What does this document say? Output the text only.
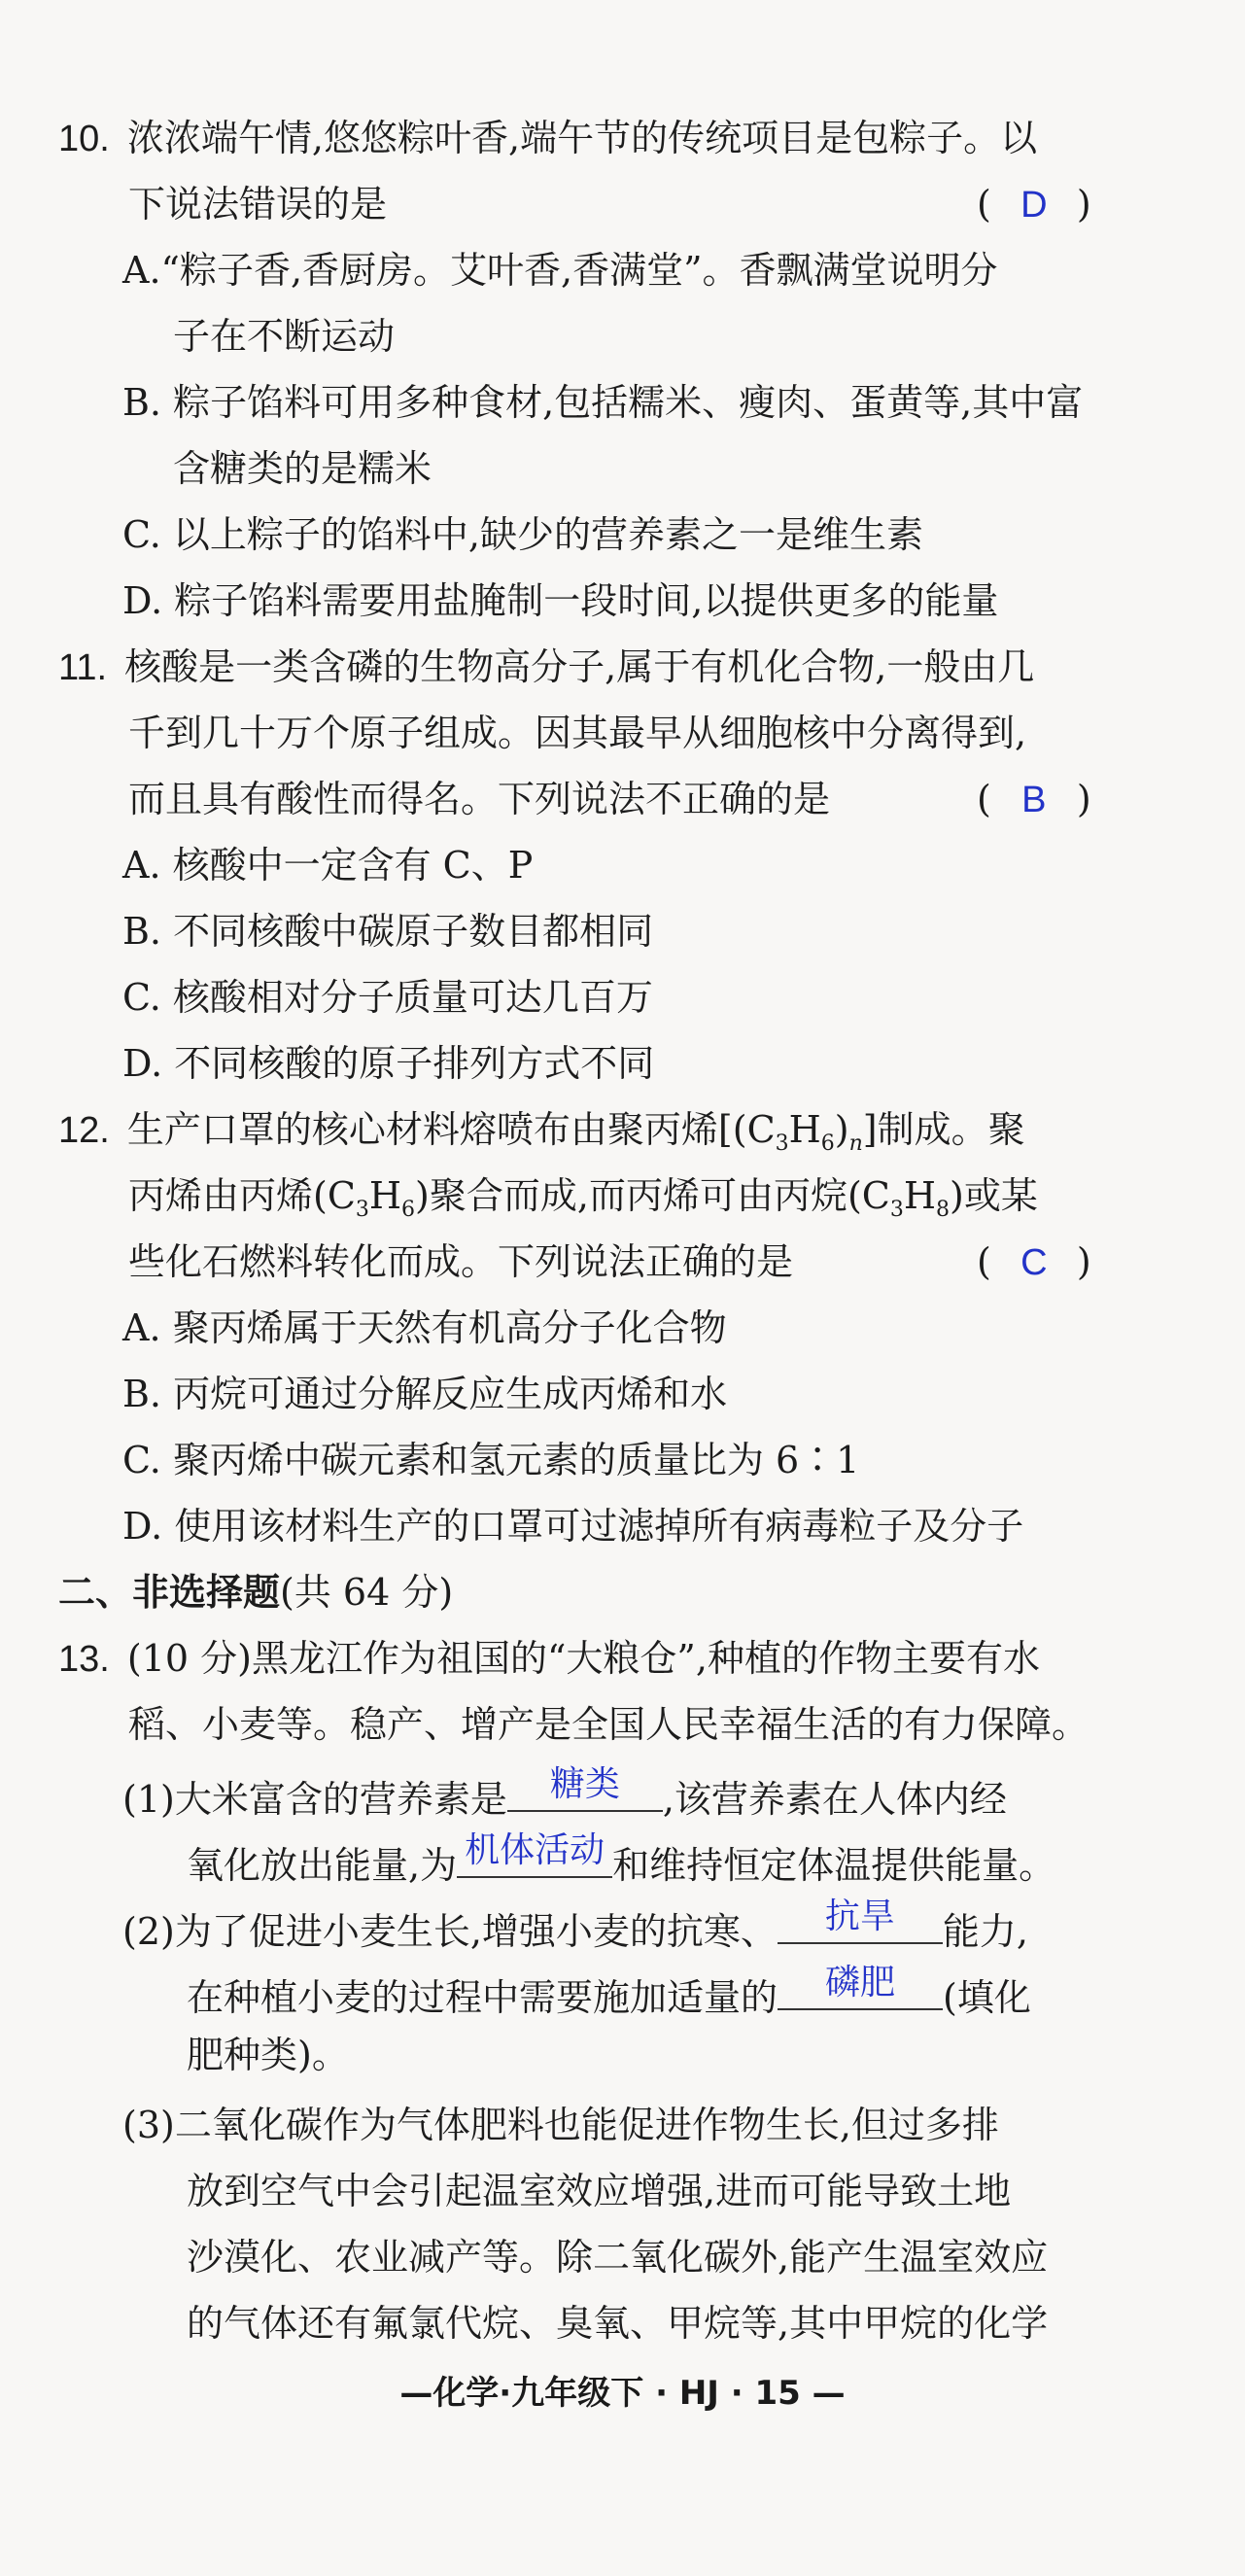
10. 浓浓端午情,悠悠粽叶香,端午节的传统项目是包粽子。以
下说法错误的是	( D )
A.“粽子香,香厨房。艾叶香,香满堂”。香飘满堂说明分
子在不断运动
B. 粽子馅料可用多种食材,包括糯米、瘦肉、蛋黄等,其中富
含糖类的是糯米
C. 以上粽子的馅料中,缺少的营养素之一是维生素
D. 粽子馅料需要用盐腌制一段时间,以提供更多的能量
11. 核酸是一类含磷的生物高分子,属于有机化合物,一般由几
千到几十万个原子组成。因其最早从细胞核中分离得到,
而且具有酸性而得名。下列说法不正确的是	( B )
A. 核酸中一定含有 C、P
B. 不同核酸中碳原子数目都相同
C. 核酸相对分子质量可达几百万
D. 不同核酸的原子排列方式不同
12. 生产口罩的核心材料熔喷布由聚丙烯$[(C_3H_6)_n]$制成。聚
丙烯由丙烯$(C_3H_6)$聚合而成,而丙烯可由丙烷$(C_3H_8)$或某
些化石燃料转化而成。下列说法正确的是	( C )
A. 聚丙烯属于天然有机高分子化合物
B. 丙烷可通过分解反应生成丙烯和水
C. 聚丙烯中碳元素和氢元素的质量比为 6∶1
D. 使用该材料生产的口罩可过滤掉所有病毒粒子及分子
二、非选择题(共 64 分)
13. (10 分)黑龙江作为祖国的“大粮仓”,种植的作物主要有水
稻、小麦等。稳产、增产是全国人民幸福生活的有力保障。
(1)大米富含的营养素是	糖类	,该营养素在人体内经
氧化放出能量,为 机体活动 和维持恒定体温提供能量。
(2)为了促进小麦生长,增强小麦的抗寒、	抗旱	能力,
在种植小麦的过程中需要施加适量的	磷肥	(填化
肥种类)。
(3)二氧化碳作为气体肥料也能促进作物生长,但过多排
放到空气中会引起温室效应增强,进而可能导致土地
沙漠化、农业减产等。除二氧化碳外,能产生温室效应
的气体还有氟氯代烷、臭氧、甲烷等,其中甲烷的化学
—化学·九年级下 · HJ · 15 —
